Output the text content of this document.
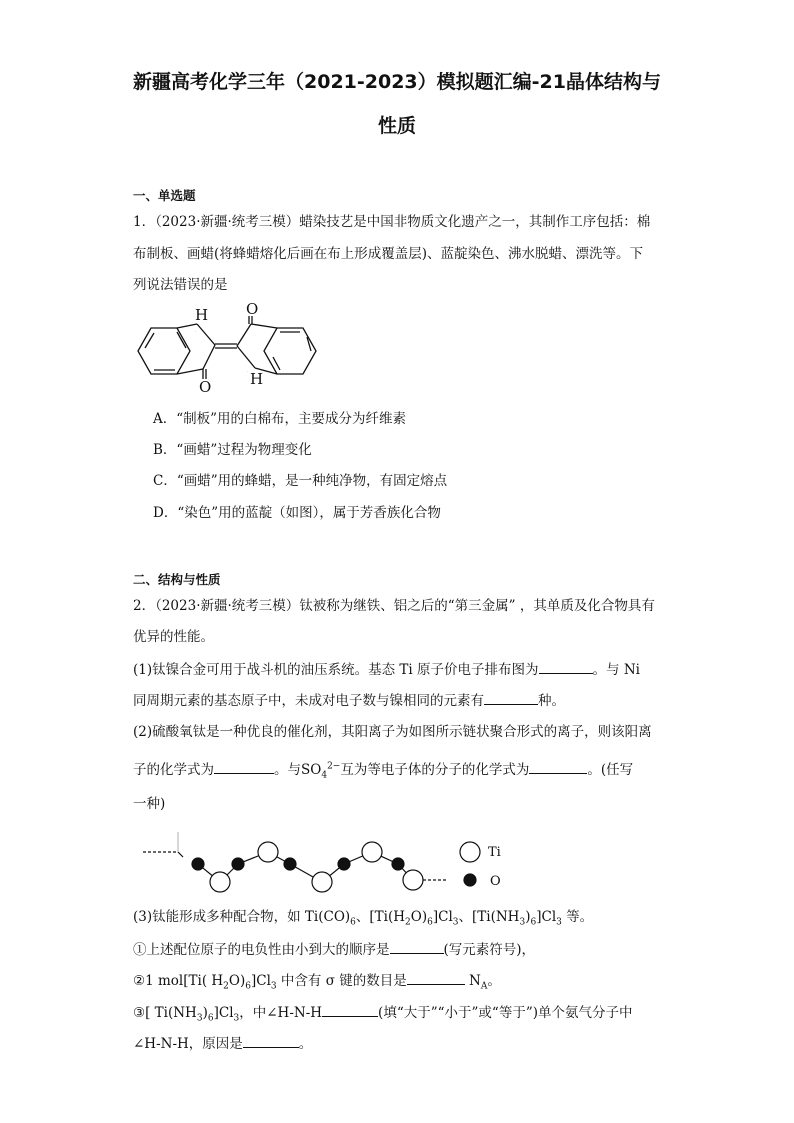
新疆高考化学三年（2021-2023）模拟题汇编-21晶体结构与
性质
一、单选题
1．（2023·新疆·统考三模）蜡染技艺是中国非物质文化遗产之一，其制作工序包括：棉
布制板、画蜡(将蜂蜡熔化后画在布上形成覆盖层)、蓝靛染色、沸水脱蜡、漂洗等。下
列说法错误的是
H
N
O
O
N H
A．“制板”用的白棉布，主要成分为纤维素
B．“画蜡”过程为物理变化
C．“画蜡”用的蜂蜡，是一种纯净物，有固定熔点
D．“染色”用的蓝靛（如图），属于芳香族化合物
二、结构与性质
2．（2023·新疆·统考三模）钛被称为继铁、铝之后的“第三金属” ，其单质及化合物具有
优异的性能。
(1)钛镍合金可用于战斗机的油压系统。基态 Ti 原子价电子排布图为	。与 Ni
同周期元素的基态原子中，未成对电子数与镍相同的元素有	种。
(2)硫酸氧钛是一种优良的催化剂，其阳离子为如图所示链状聚合形式的离子，则该阳离
子的化学式为	。与$SO_4^{2-}$互为等电子体的分子的化学式为	。(任写
一种)
Ti
O
(3)钛能形成多种配合物，如 $Ti(CO)_6$、$[Ti(H_2O)_6]Cl_3$、$[Ti(NH_3)_6]Cl_3$ 等。
①上述配位原子的电负性由小到大的顺序是	(写元素符号)，
②1 mol[Ti( $H_2O)_6]Cl_3$ 中含有 σ 键的数目是	$N_A$。
③[ $Ti(NH_3)_6]Cl_3$，中∠H-N-H	(填“大于”“小于”或“等于”)单个氨气分子中
∠H-N-H，原因是	。
